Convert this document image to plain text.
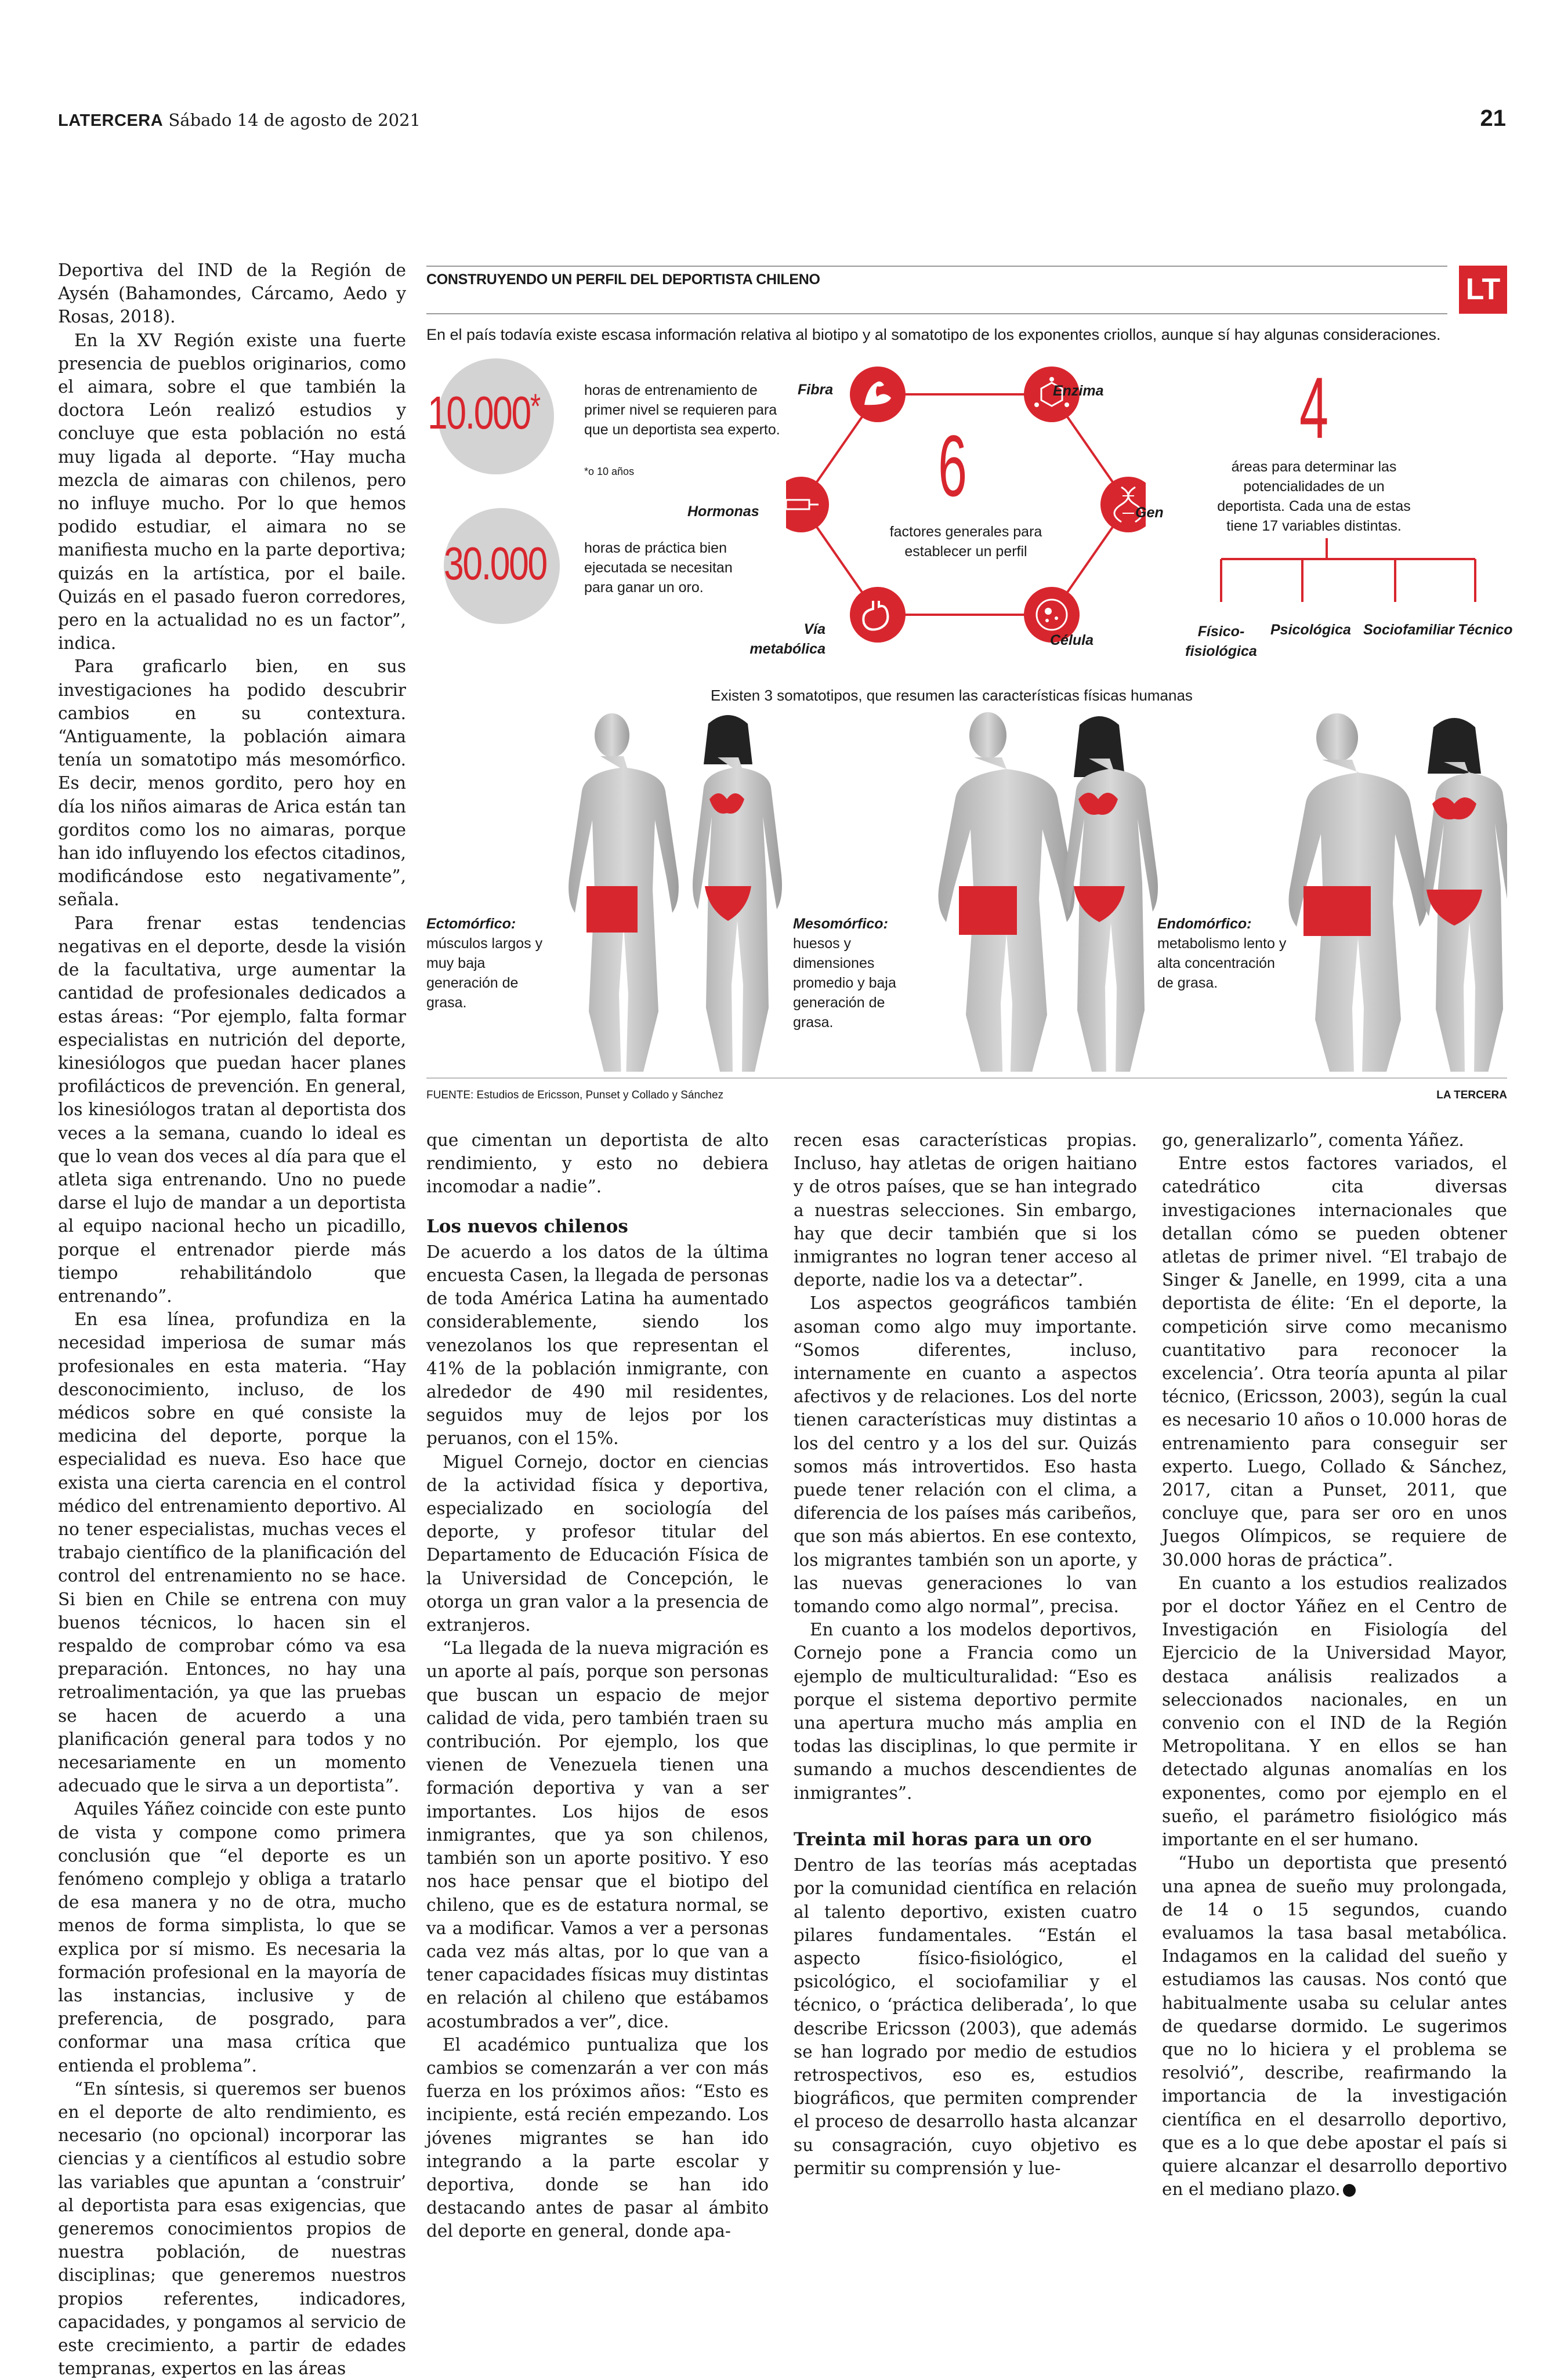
LATERCERA Sábado 14 de agosto de 2021	21

Deportiva del IND de la Región de Aysén (Bahamondes, Cárcamo, Aedo y Rosas, 2018).

En la XV Región existe una fuerte presencia de pueblos originarios, como el aimara, sobre el que también la doctora León realizó estudios y concluye que esta población no está muy ligada al deporte. “Hay mucha mezcla de aimaras con chilenos, pero no influye mucho. Por lo que hemos podido estudiar, el aimara no se manifiesta mucho en la parte deportiva; quizás en la artística, por el baile. Quizás en el pasado fueron corredores, pero en la actualidad no es un factor”, indica.

Para graficarlo bien, en sus investigaciones ha podido descubrir cambios en su contextura. “Antiguamente, la población aimara tenía un somatotipo más mesomórfico. Es decir, menos gordito, pero hoy en día los niños aimaras de Arica están tan gorditos como los no aimaras, porque han ido influyendo los efectos citadinos, modificándose esto negativamente”, señala.

Para frenar estas tendencias negativas en el deporte, desde la visión de la facultativa, urge aumentar la cantidad de profesionales dedicados a estas áreas: “Por ejemplo, falta formar especialistas en nutrición del deporte, kinesiólogos que puedan hacer planes profilácticos de prevención. En general, los kinesiólogos tratan al deportista dos veces a la semana, cuando lo ideal es que lo vean dos veces al día para que el atleta siga entrenando. Uno no puede darse el lujo de mandar a un deportista al equipo nacional hecho un picadillo, porque el entrenador pierde más tiempo rehabilitándolo que entrenando”.

En esa línea, profundiza en la necesidad imperiosa de sumar más profesionales en esta materia. “Hay desconocimiento, incluso, de los médicos sobre en qué consiste la medicina del deporte, porque la especialidad es nueva. Eso hace que exista una cierta carencia en el control médico del entrenamiento deportivo. Al no tener especialistas, muchas veces el trabajo científico de la planificación del control del entrenamiento no se hace. Si bien en Chile se entrena con muy buenos técnicos, lo hacen sin el respaldo de comprobar cómo va esa preparación. Entonces, no hay una retroalimentación, ya que las pruebas se hacen de acuerdo a una planificación general para todos y no necesariamente en un momento adecuado que le sirva a un deportista”.

Aquiles Yáñez coincide con este punto de vista y compone como primera conclusión que “el deporte es un fenómeno complejo y obliga a tratarlo de esa manera y no de otra, mucho menos de forma simplista, lo que se explica por sí mismo. Es necesaria la formación profesional en la mayoría de las instancias, inclusive y de preferencia, de posgrado, para conformar una masa crítica que entienda el problema”.

“En síntesis, si queremos ser buenos en el deporte de alto rendimiento, es necesario (no opcional) incorporar las ciencias y a científicos al estudio sobre las variables que apuntan a ‘construir’ al deportista para esas exigencias, que generemos conocimientos propios de nuestra población, de nuestras disciplinas; que generemos nuestros propios referentes, indicadores, capacidades, y pongamos al servicio de este crecimiento, a partir de edades tempranas, expertos en las áreas

CONSTRUYENDO UN PERFIL DEL DEPORTISTA CHILENO	LT
En el país todavía existe escasa información relativa al biotipo y al somatotipo de los exponentes criollos, aunque sí hay algunas consideraciones.
10.000*	horas de entrenamiento de primer nivel se requieren para que un deportista sea experto.
*o 10 años
30.000	horas de práctica bien ejecutada se necesitan para ganar un oro.
6
factores generales para establecer un perfil
Fibra	Enzima
Gen
Célula
Vía metabólica
Hormonas
4
áreas para determinar las potencialidades de un deportista. Cada una de estas tiene 17 variables distintas.
Físico-fisiológica
Psicológica Sociofamiliar Técnico
Existen 3 somatotipos, que resumen las características físicas humanas
Ectomórfico:
músculos largos y muy baja generación de grasa.
Mesomórfico:
huesos y dimensiones promedio y baja generación de grasa.
Endomórfico:
metabolismo lento y alta concentración de grasa.
FUENTE: Estudios de Ericsson, Punset y Collado y Sánchez	LA TERCERA

que cimentan un deportista de alto rendimiento, y esto no debiera incomodar a nadie”.

Los nuevos chilenos

De acuerdo a los datos de la última encuesta Casen, la llegada de personas de toda América Latina ha aumentado considerablemente, siendo los venezolanos los que representan el 41% de la población inmigrante, con alrededor de 490 mil residentes, seguidos muy de lejos por los peruanos, con el 15%.

Miguel Cornejo, doctor en ciencias de la actividad física y deportiva, especializado en sociología del deporte, y profesor titular del Departamento de Educación Física de la Universidad de Concepción, le otorga un gran valor a la presencia de extranjeros.

“La llegada de la nueva migración es un aporte al país, porque son personas que buscan un espacio de mejor calidad de vida, pero también traen su contribución. Por ejemplo, los que vienen de Venezuela tienen una formación deportiva y van a ser importantes. Los hijos de esos inmigrantes, que ya son chilenos, también son un aporte positivo. Y eso nos hace pensar que el biotipo del chileno, que es de estatura normal, se va a modificar. Vamos a ver a personas cada vez más altas, por lo que van a tener capacidades físicas muy distintas en relación al chileno que estábamos acostumbrados a ver”, dice.

El académico puntualiza que los cambios se comenzarán a ver con más fuerza en los próximos años: “Esto es incipiente, está recién empezando. Los jóvenes migrantes se han ido integrando a la parte escolar y deportiva, donde se han ido destacando antes de pasar al ámbito del deporte en general, donde apa-

recen esas características propias. Incluso, hay atletas de origen haitiano y de otros países, que se han integrado a nuestras selecciones. Sin embargo, hay que decir también que si los inmigrantes no logran tener acceso al deporte, nadie los va a detectar”.

Los aspectos geográficos también asoman como algo muy importante. “Somos diferentes, incluso, internamente en cuanto a aspectos afectivos y de relaciones. Los del norte tienen características muy distintas a los del centro y a los del sur. Quizás somos más introvertidos. Eso hasta puede tener relación con el clima, a diferencia de los países más caribeños, que son más abiertos. En ese contexto, los migrantes también son un aporte, y las nuevas generaciones lo van tomando como algo normal”, precisa.

En cuanto a los modelos deportivos, Cornejo pone a Francia como un ejemplo de multiculturalidad: “Eso es porque el sistema deportivo permite una apertura mucho más amplia en todas las disciplinas, lo que permite ir sumando a muchos descendientes de inmigrantes”.

Treinta mil horas para un oro

Dentro de las teorías más aceptadas por la comunidad científica en relación al talento deportivo, existen cuatro pilares fundamentales. “Están el aspecto físico-fisiológico, el psicológico, el sociofamiliar y el técnico, o ‘práctica deliberada’, lo que describe Ericsson (2003), que además se han logrado por medio de estudios retrospectivos, eso es, estudios biográficos, que permiten comprender el proceso de desarrollo hasta alcanzar su consagración, cuyo objetivo es permitir su comprensión y lue-

go, generalizarlo”, comenta Yáñez.

Entre estos factores variados, el catedrático cita diversas investigaciones internacionales que detallan cómo se pueden obtener atletas de primer nivel. “El trabajo de Singer & Janelle, en 1999, cita a una deportista de élite: ‘En el deporte, la competición sirve como mecanismo cuantitativo para reconocer la excelencia’. Otra teoría apunta al pilar técnico, (Ericsson, 2003), según la cual es necesario 10 años o 10.000 horas de entrenamiento para conseguir ser experto. Luego, Collado & Sánchez, 2017, citan a Punset, 2011, que concluye que, para ser oro en unos Juegos Olímpicos, se requiere de 30.000 horas de práctica”.

En cuanto a los estudios realizados por el doctor Yáñez en el Centro de Investigación en Fisiología del Ejercicio de la Universidad Mayor, destaca análisis realizados a seleccionados nacionales, en un convenio con el IND de la Región Metropolitana. Y en ellos se han detectado algunas anomalías en los exponentes, como por ejemplo en el sueño, el parámetro fisiológico más importante en el ser humano.

“Hubo un deportista que presentó una apnea de sueño muy prolongada, de 14 o 15 segundos, cuando evaluamos la tasa basal metabólica. Indagamos en la calidad del sueño y estudiamos las causas. Nos contó que habitualmente usaba su celular antes de quedarse dormido. Le sugerimos que no lo hiciera y el problema se resolvió”, describe, reafirmando la importancia de la investigación científica en el desarrollo deportivo, que es a lo que debe apostar el país si quiere alcanzar el desarrollo deportivo en el mediano plazo.
